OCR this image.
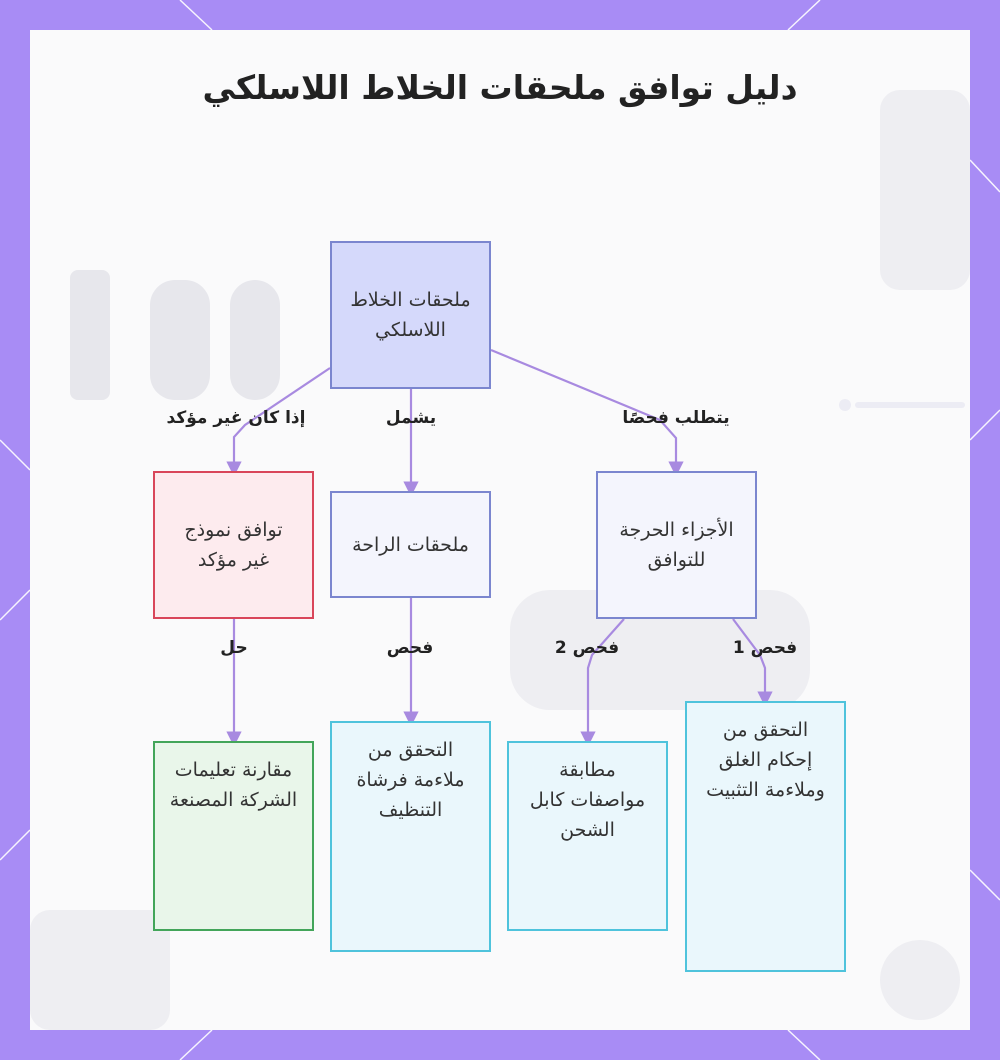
دليل توافق ملحقات الخلاط اللاسلكي
إذا كان غير مؤكد	يشمل	يتطلب فحصًا
حل	فحص	فحص 2	فحص 1
ملحقات الخلاط اللاسلكي
توافق نموذج غير مؤكد
ملحقات الراحة
الأجزاء الحرجة للتوافق
مقارنة تعليمات الشركة المصنعة
التحقق من ملاءمة فرشاة التنظيف
مطابقة مواصفات كابل الشحن
التحقق من إحكام الغلق وملاءمة التثبيت
